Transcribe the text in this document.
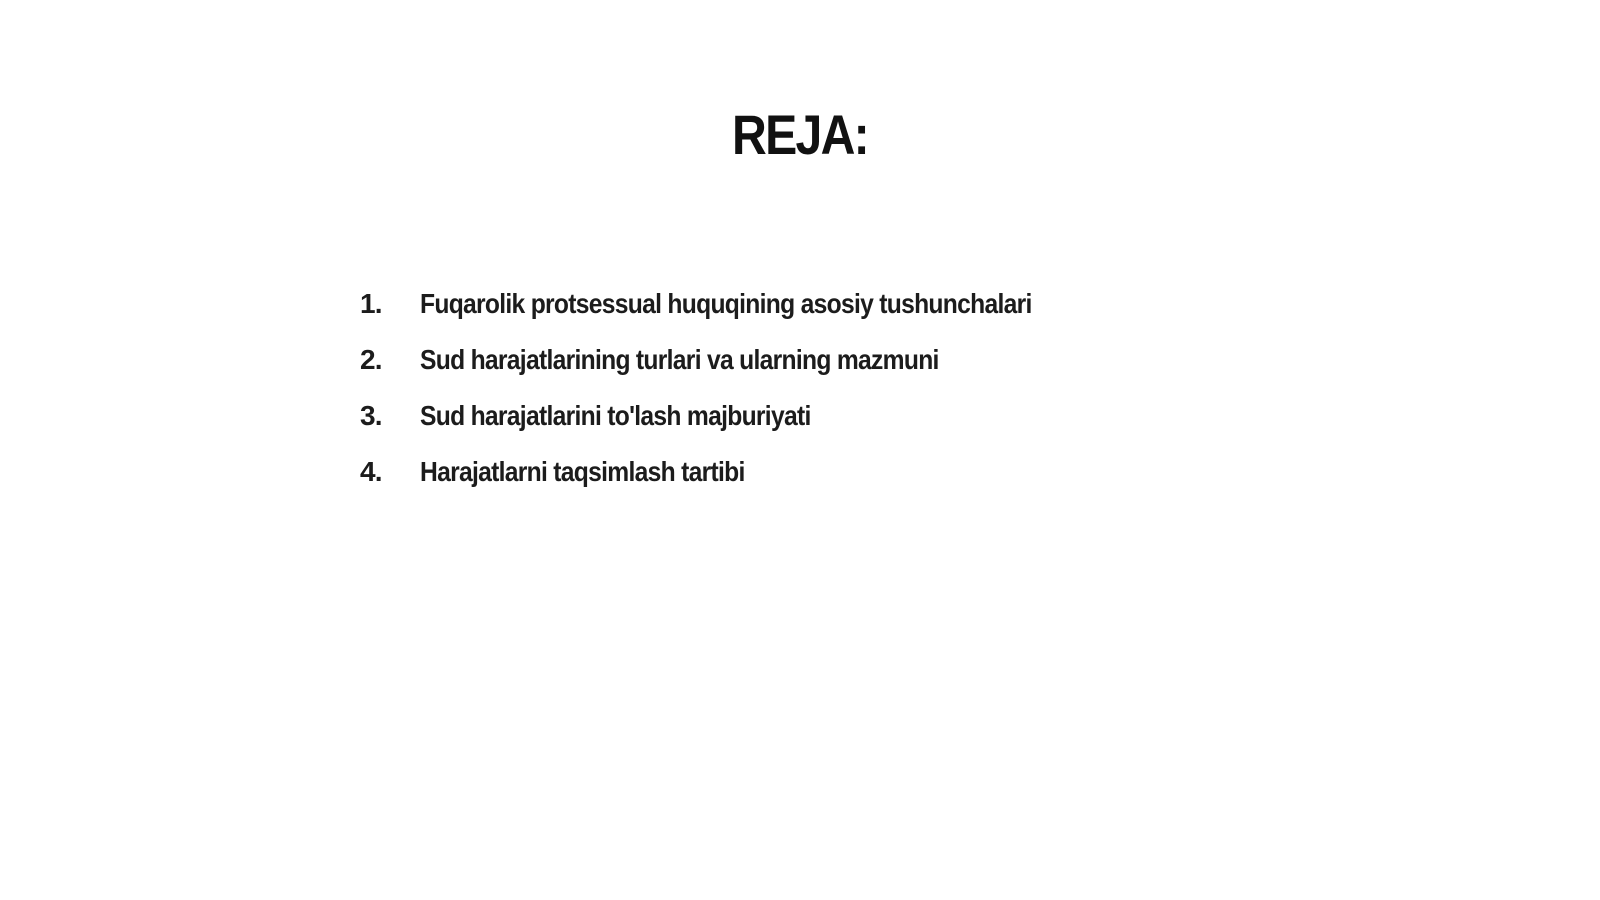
REJA:
1.	Fuqarolik protsessual huquqining asosiy tushunchalari
2.	Sud harajatlarining turlari va ularning mazmuni
3.	Sud harajatlarini to'lash majburiyati
4.	Harajatlarni taqsimlash tartibi
